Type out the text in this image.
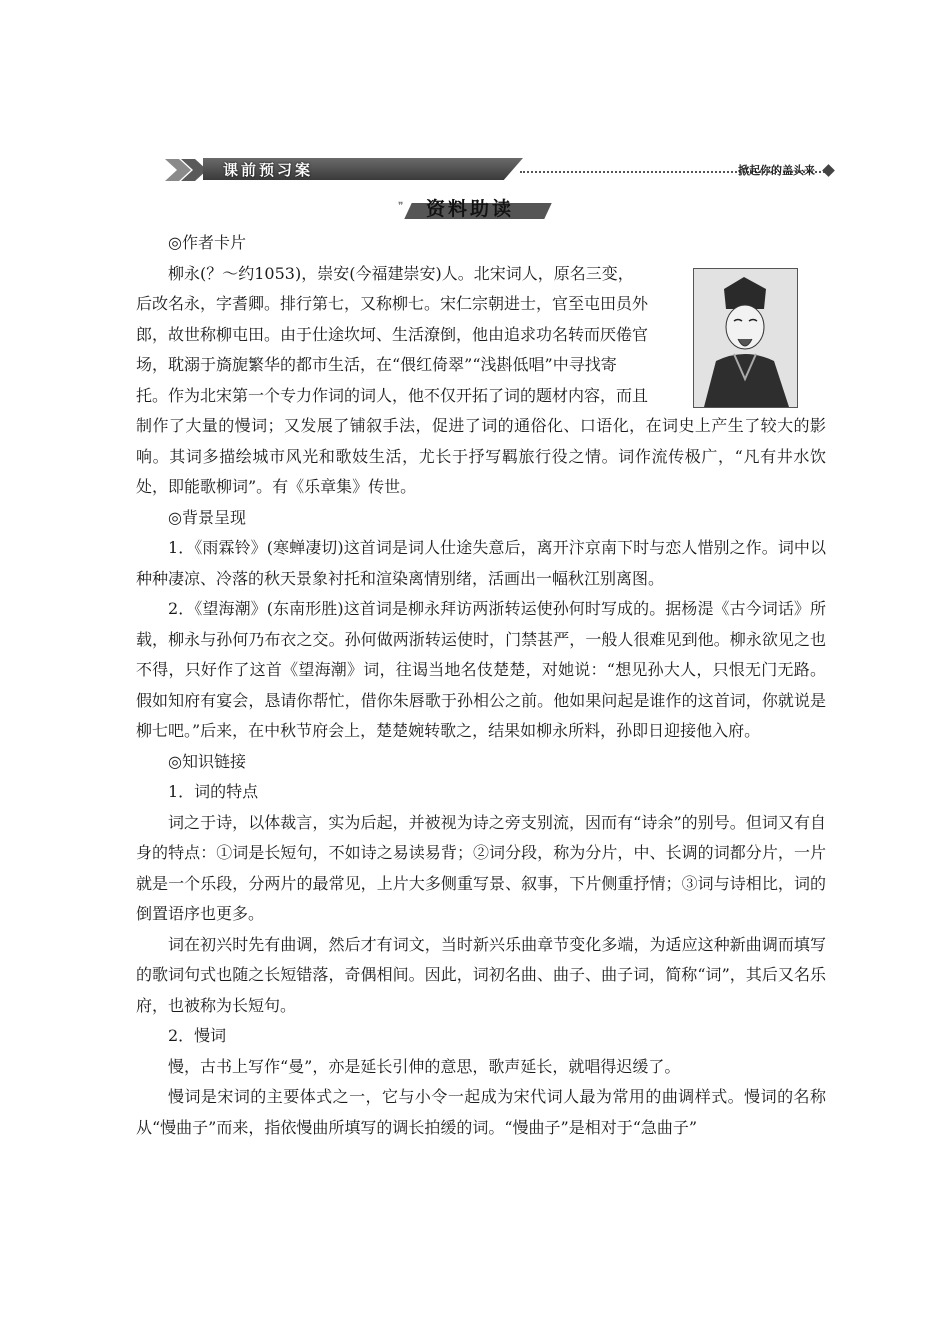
课前预习案	掀起你的盖头来
❞ 资料助读

◎作者卡片

柳永(？～约1053)，崇安(今福建崇安)人。北宋词人，原名三变，

后改名永，字耆卿。排行第七，又称柳七。宋仁宗朝进士，官至屯田员外

郎，故世称柳屯田。由于仕途坎坷、生活潦倒，他由追求功名转而厌倦官

场，耽溺于旖旎繁华的都市生活，在“偎红倚翠”“浅斟低唱”中寻找寄

托。作为北宋第一个专力作词的词人，他不仅开拓了词的题材内容，而且

制作了大量的慢词；又发展了铺叙手法，促进了词的通俗化、口语化，在词史上产生了较大的影响。其词多描绘城市风光和歌妓生活，尤长于抒写羁旅行役之情。词作流传极广，“凡有井水饮处，即能歌柳词”。有《乐章集》传世。

◎背景呈现

1．《雨霖铃》(寒蝉凄切)这首词是词人仕途失意后，离开汴京南下时与恋人惜别之作。词中以种种凄凉、冷落的秋天景象衬托和渲染离情别绪，活画出一幅秋江别离图。

2．《望海潮》(东南形胜)这首词是柳永拜访两浙转运使孙何时写成的。据杨湜《古今词话》所载，柳永与孙何乃布衣之交。孙何做两浙转运使时，门禁甚严，一般人很难见到他。柳永欲见之也不得，只好作了这首《望海潮》词，往谒当地名伎楚楚，对她说：“想见孙大人，只恨无门无路。假如知府有宴会，恳请你帮忙，借你朱唇歌于孙相公之前。他如果问起是谁作的这首词，你就说是柳七吧。”后来，在中秋节府会上，楚楚婉转歌之，结果如柳永所料，孙即日迎接他入府。

◎知识链接

1．词的特点

词之于诗，以体裁言，实为后起，并被视为诗之旁支别流，因而有“诗余”的别号。但词又有自身的特点：①词是长短句，不如诗之易读易背；②词分段，称为分片，中、长调的词都分片，一片就是一个乐段，分两片的最常见，上片大多侧重写景、叙事，下片侧重抒情；③词与诗相比，词的倒置语序也更多。

词在初兴时先有曲调，然后才有词文，当时新兴乐曲章节变化多端，为适应这种新曲调而填写的歌词句式也随之长短错落，奇偶相间。因此，词初名曲、曲子、曲子词，简称“词”，其后又名乐府，也被称为长短句。

2．慢词

慢，古书上写作“曼”，亦是延长引伸的意思，歌声延长，就唱得迟缓了。

慢词是宋词的主要体式之一，它与小令一起成为宋代词人最为常用的曲调样式。慢词的名称从“慢曲子”而来，指依慢曲所填写的调长拍缓的词。“慢曲子”是相对于“急曲子”
